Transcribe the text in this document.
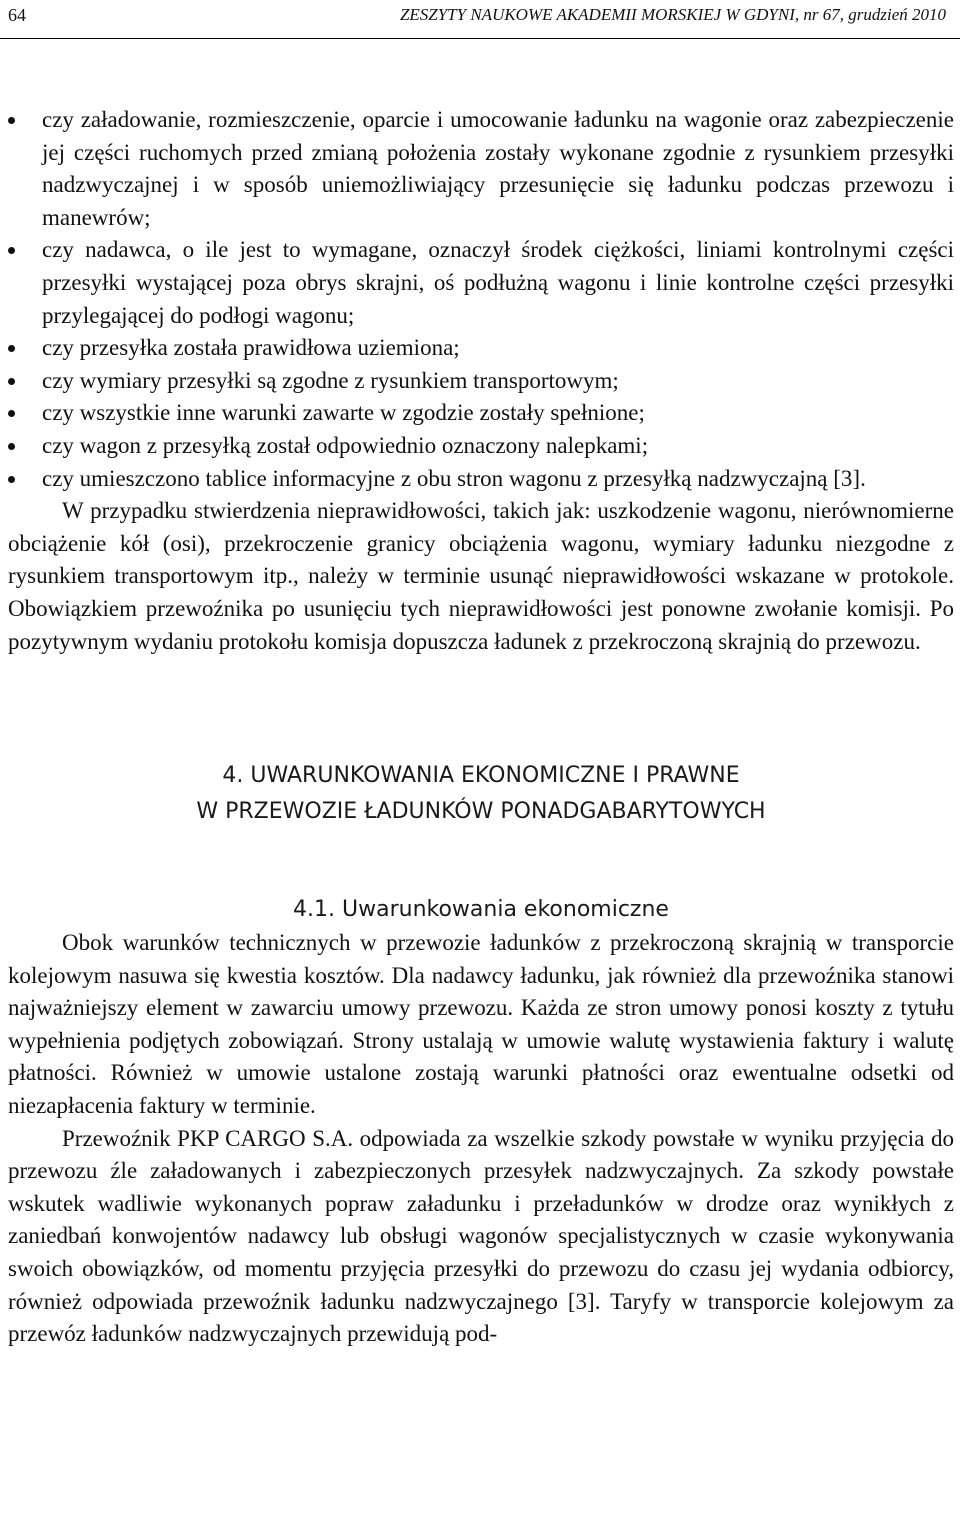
64	ZESZYTY NAUKOWE AKADEMII MORSKIEJ W GDYNI, nr 67, grudzień 2010
czy załadowanie, rozmieszczenie, oparcie i umocowanie ładunku na wagonie oraz zabezpieczenie jej części ruchomych przed zmianą położenia zostały wykonane zgodnie z rysunkiem przesyłki nadzwyczajnej i w sposób uniemożliwiający przesunięcie się ładunku podczas przewozu i manewrów;
czy nadawca, o ile jest to wymagane, oznaczył środek ciężkości, liniami kontrolnymi części przesyłki wystającej poza obrys skrajni, oś podłużną wagonu i linie kontrolne części przesyłki przylegającej do podłogi wagonu;
czy przesyłka została prawidłowa uziemiona;
czy wymiary przesyłki są zgodne z rysunkiem transportowym;
czy wszystkie inne warunki zawarte w zgodzie zostały spełnione;
czy wagon z przesyłką został odpowiednio oznaczony nalepkami;
czy umieszczono tablice informacyjne z obu stron wagonu z przesyłką nadzwyczajną [3].

W przypadku stwierdzenia nieprawidłowości, takich jak: uszkodzenie wagonu, nierównomierne obciążenie kół (osi), przekroczenie granicy obciążenia wagonu, wymiary ładunku niezgodne z rysunkiem transportowym itp., należy w terminie usunąć nieprawidłowości wskazane w protokole. Obowiązkiem przewoźnika po usunięciu tych nieprawidłowości jest ponowne zwołanie komisji. Po pozytywnym wydaniu protokołu komisja dopuszcza ładunek z przekroczoną skrajnią do przewozu.

4. UWARUNKOWANIA EKONOMICZNE I PRAWNE
W PRZEWOZIE ŁADUNKÓW PONADGABARYTOWYCH
4.1. Uwarunkowania ekonomiczne

Obok warunków technicznych w przewozie ładunków z przekroczoną skrajnią w transporcie kolejowym nasuwa się kwestia kosztów. Dla nadawcy ładunku, jak również dla przewoźnika stanowi najważniejszy element w zawarciu umowy przewozu. Każda ze stron umowy ponosi koszty z tytułu wypełnienia podjętych zobowiązań. Strony ustalają w umowie walutę wystawienia faktury i walutę płatności. Również w umowie ustalone zostają warunki płatności oraz ewentualne odsetki od niezapłacenia faktury w terminie.

Przewoźnik PKP CARGO S.A. odpowiada za wszelkie szkody powstałe w wyniku przyjęcia do przewozu źle załadowanych i zabezpieczonych przesyłek nadzwyczajnych. Za szkody powstałe wskutek wadliwie wykonanych popraw załadunku i przeładunków w drodze oraz wynikłych z zaniedbań konwojentów nadawcy lub obsługi wagonów specjalistycznych w czasie wykonywania swoich obowiązków, od momentu przyjęcia przesyłki do przewozu do czasu jej wydania odbiorcy, również odpowiada przewoźnik ładunku nadzwyczajnego [3]. Taryfy w transporcie kolejowym za przewóz ładunków nadzwyczajnych przewidują pod-
